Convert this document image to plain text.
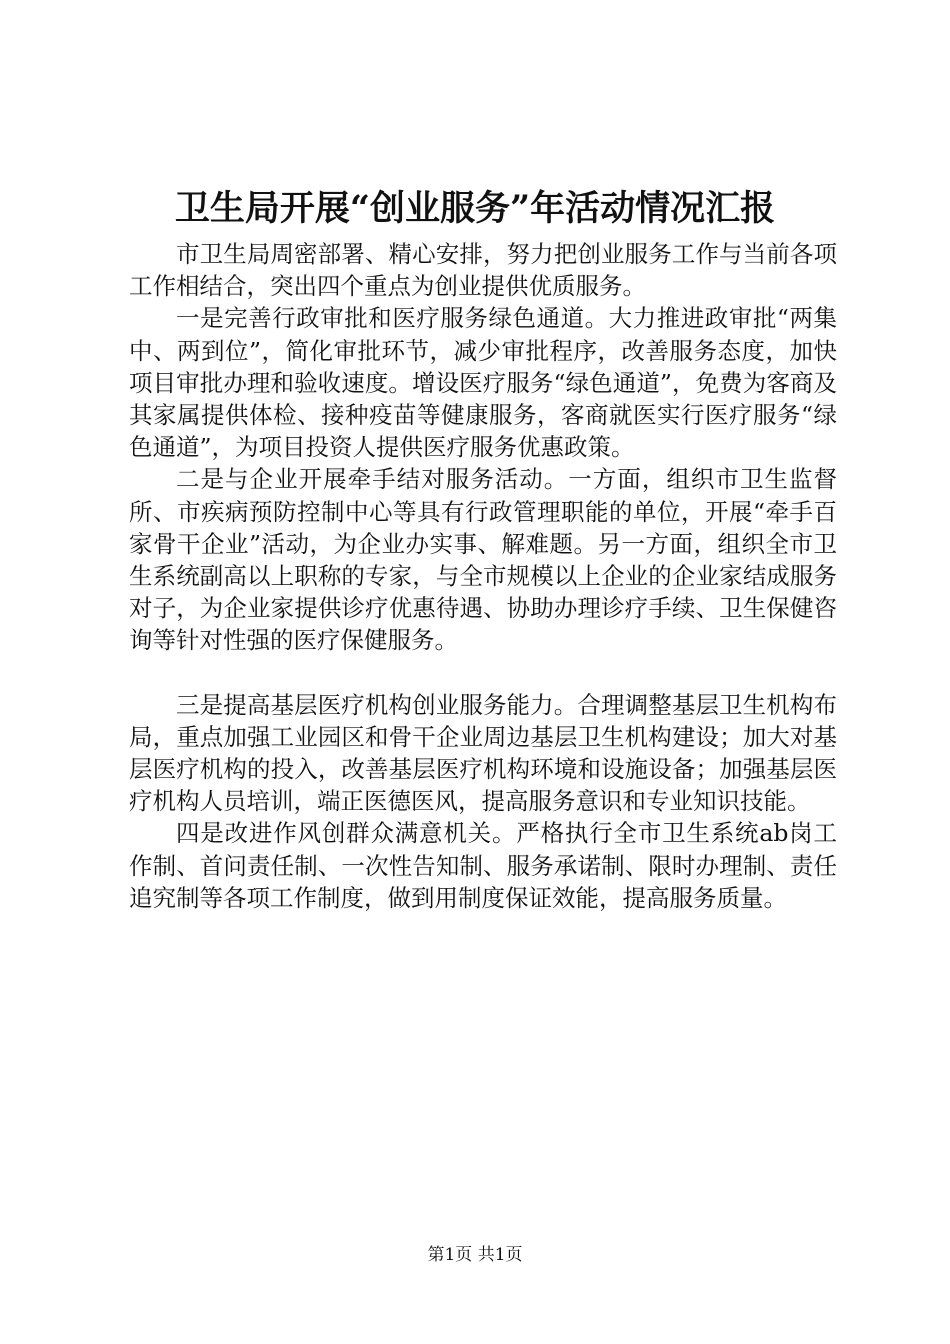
卫生局开展“创业服务”年活动情况汇报

市卫生局周密部署、精心安排，努力把创业服务工作与当前各项工作相结合，突出四个重点为创业提供优质服务。

一是完善行政审批和医疗服务绿色通道。大力推进政审批“两集中、两到位”，简化审批环节，减少审批程序，改善服务态度，加快项目审批办理和验收速度。增设医疗服务“绿色通道”，免费为客商及其家属提供体检、接种疫苗等健康服务，客商就医实行医疗服务“绿色通道”，为项目投资人提供医疗服务优惠政策。

二是与企业开展牵手结对服务活动。一方面，组织市卫生监督所、市疾病预防控制中心等具有行政管理职能的单位，开展“牵手百家骨干企业”活动，为企业办实事、解难题。另一方面，组织全市卫生系统副高以上职称的专家，与全市规模以上企业的企业家结成服务对子，为企业家提供诊疗优惠待遇、协助办理诊疗手续、卫生保健咨询等针对性强的医疗保健服务。

三是提高基层医疗机构创业服务能力。合理调整基层卫生机构布局，重点加强工业园区和骨干企业周边基层卫生机构建设；加大对基层医疗机构的投入，改善基层医疗机构环境和设施设备；加强基层医疗机构人员培训，端正医德医风，提高服务意识和专业知识技能。

四是改进作风创群众满意机关。严格执行全市卫生系统ab岗工作制、首问责任制、一次性告知制、服务承诺制、限时办理制、责任追究制等各项工作制度，做到用制度保证效能，提高服务质量。

第1页 共1页
